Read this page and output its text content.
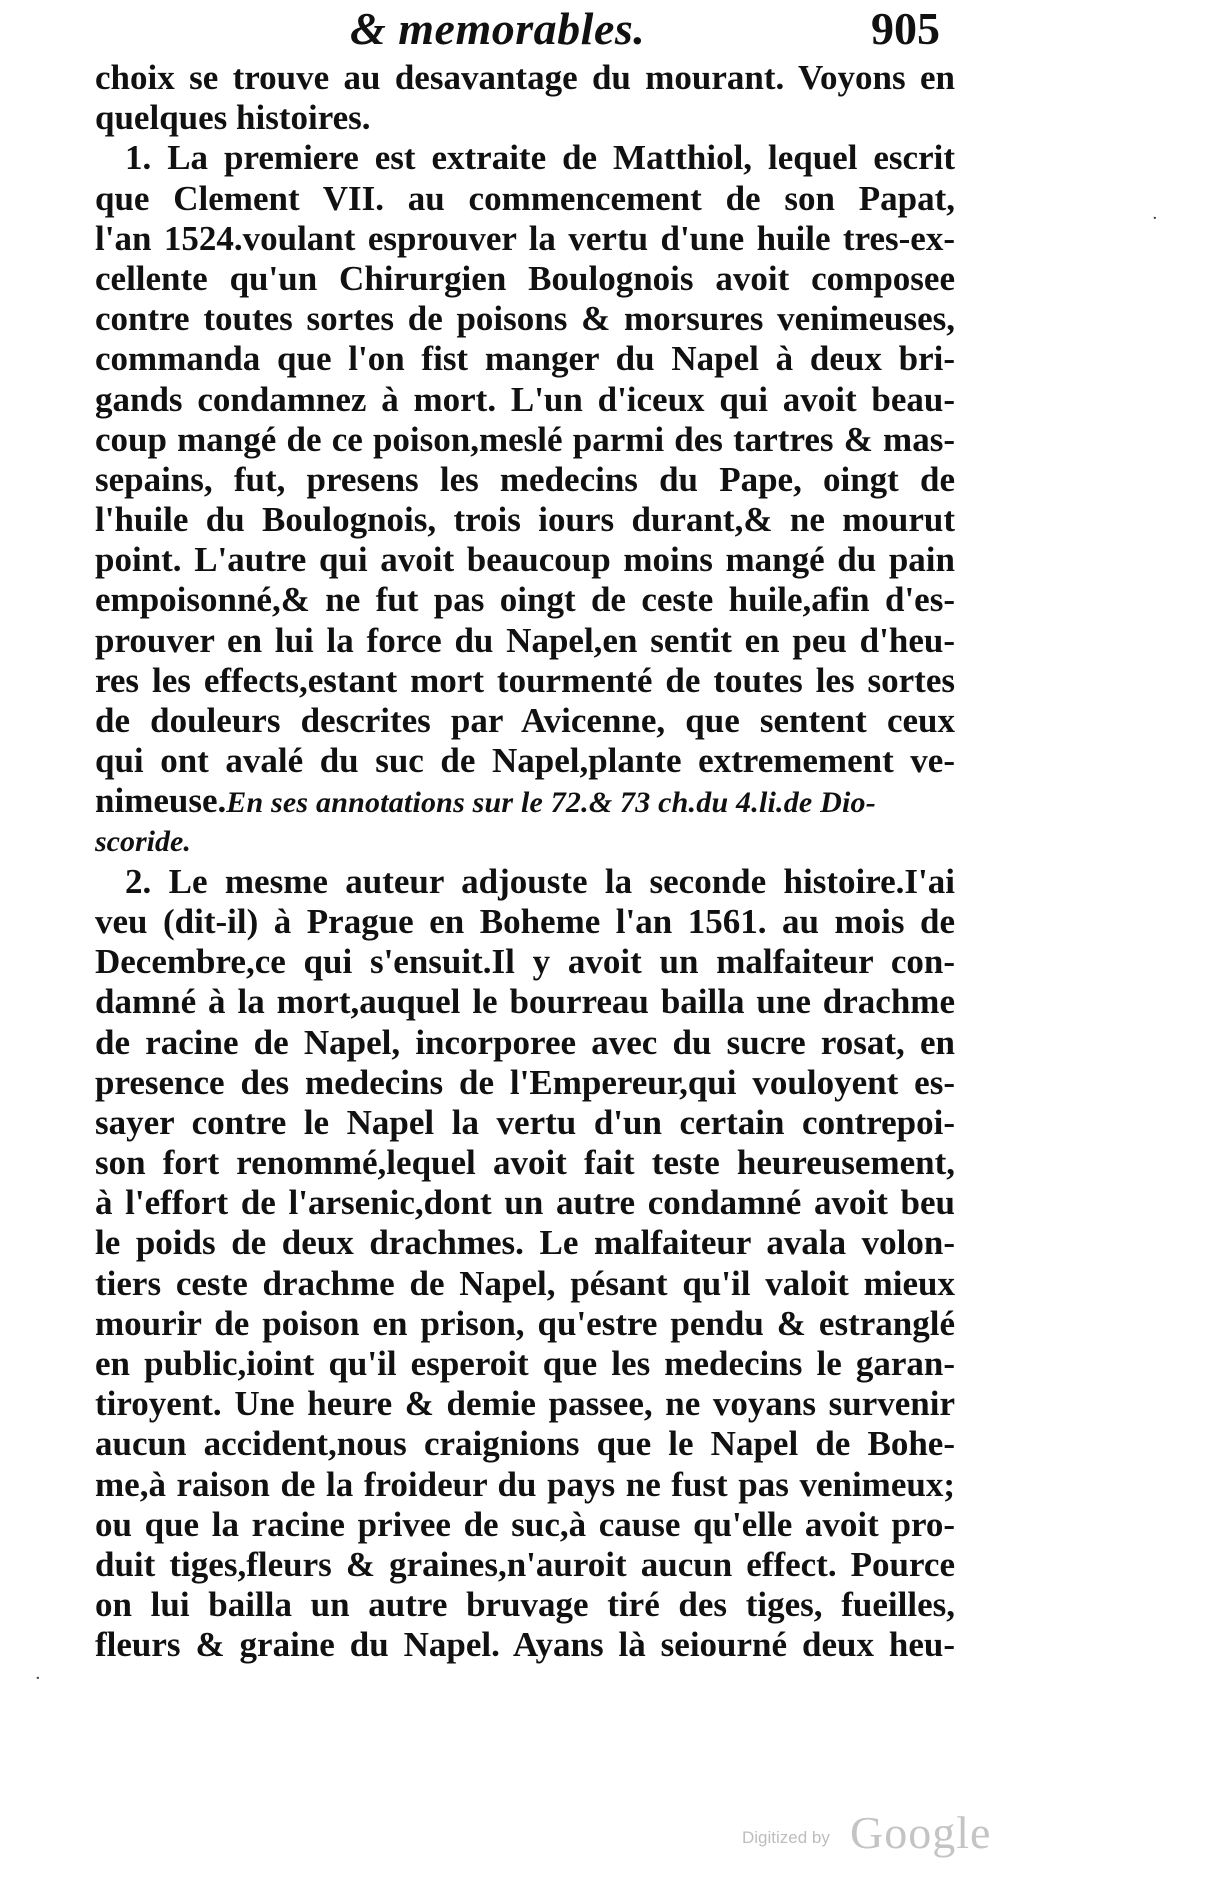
& memorables.	905
choix se trouve au desavantage du mourant. Voyons en
quelques histoires.
1. La premiere est extraite de Matthiol, lequel escrit
que Clement VII. au commencement de son Papat,
l'an 1524.voulant esprouver la vertu d'une huile tres-ex-
cellente qu'un Chirurgien Boulognois avoit composee
contre toutes sortes de poisons & morsures venimeuses,
commanda que l'on fist manger du Napel à deux bri-
gands condamnez à mort. L'un d'iceux qui avoit beau-
coup mangé de ce poison,meslé parmi des tartres & mas-
sepains, fut, presens les medecins du Pape, oingt de
l'huile du Boulognois, trois iours durant,& ne mourut
point. L'autre qui avoit beaucoup moins mangé du pain
empoisonné,& ne fut pas oingt de ceste huile,afin d'es-
prouver en lui la force du Napel,en sentit en peu d'heu-
res les effects,estant mort tourmenté de toutes les sortes
de douleurs descrites par Avicenne, que sentent ceux
qui ont avalé du suc de Napel,plante extremement ve-
nimeuse.En ses annotations sur le 72.& 73 ch.du 4.li.de Dio-
scoride.
2. Le mesme auteur adjouste la seconde histoire.I'ai
veu (dit-il) à Prague en Boheme l'an 1561. au mois de
Decembre,ce qui s'ensuit.Il y avoit un malfaiteur con-
damné à la mort,auquel le bourreau bailla une drachme
de racine de Napel, incorporee avec du sucre rosat, en
presence des medecins de l'Empereur,qui vouloyent es-
sayer contre le Napel la vertu d'un certain contrepoi-
son fort renommé,lequel avoit fait teste heureusement,
à l'effort de l'arsenic,dont un autre condamné avoit beu
le poids de deux drachmes. Le malfaiteur avala volon-
tiers ceste drachme de Napel, pésant qu'il valoit mieux
mourir de poison en prison, qu'estre pendu & estranglé
en public,ioint qu'il esperoit que les medecins le garan-
tiroyent. Une heure & demie passee, ne voyans survenir
aucun accident,nous craignions que le Napel de Bohe-
me,à raison de la froideur du pays ne fust pas venimeux;
ou que la racine privee de suc,à cause qu'elle avoit pro-
duit tiges,fleurs & graines,n'auroit aucun effect. Pource
on lui bailla un autre bruvage tiré des tiges, fueilles,
fleurs & graine du Napel. Ayans là seiourné deux heu-
·
·
Digitized by Google
